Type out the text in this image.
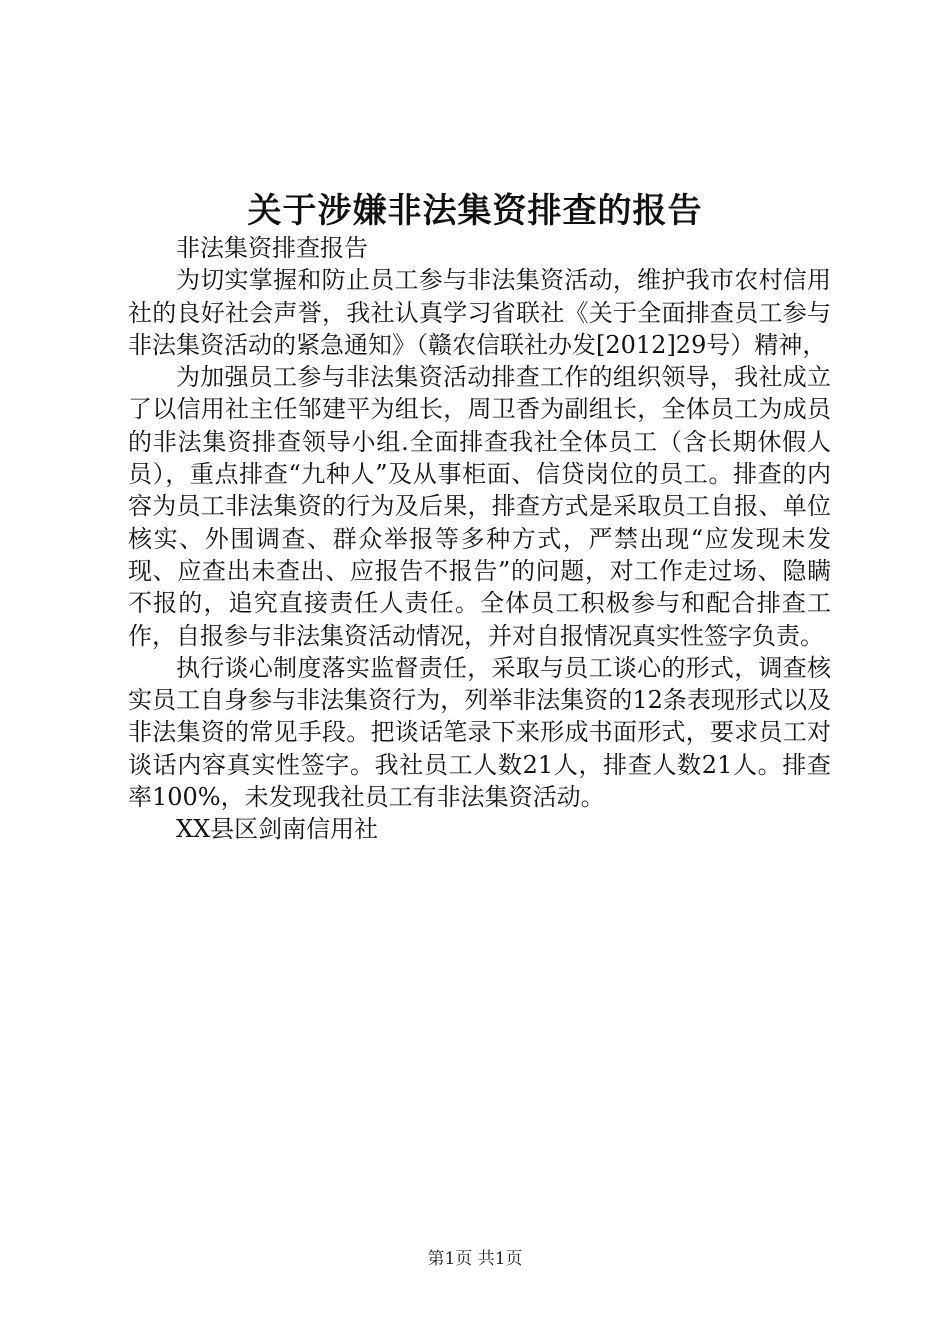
关于涉嫌非法集资排查的报告

非法集资排查报告

为切实掌握和防止员工参与非法集资活动，维护我市农村信用社的良好社会声誉，我社认真学习省联社《关于全面排查员工参与非法集资活动的紧急通知》（赣农信联社办发[2012]29号）精神，

为加强员工参与非法集资活动排查工作的组织领导，我社成立了以信用社主任邹建平为组长，周卫香为副组长，全体员工为成员的非法集资排查领导小组.全面排查我社全体员工（含长期休假人员），重点排查“九种人”及从事柜面、信贷岗位的员工。排查的内容为员工非法集资的行为及后果，排查方式是采取员工自报、单位核实、外围调查、群众举报等多种方式，严禁出现“应发现未发现、应查出未查出、应报告不报告”的问题，对工作走过场、隐瞒不报的，追究直接责任人责任。全体员工积极参与和配合排查工作，自报参与非法集资活动情况，并对自报情况真实性签字负责。

执行谈心制度落实监督责任，采取与员工谈心的形式，调查核实员工自身参与非法集资行为，列举非法集资的12条表现形式以及非法集资的常见手段。把谈话笔录下来形成书面形式，要求员工对谈话内容真实性签字。我社员工人数21人，排查人数21人。排查率100%，未发现我社员工有非法集资活动。

XX县区剑南信用社

第1页 共1页
